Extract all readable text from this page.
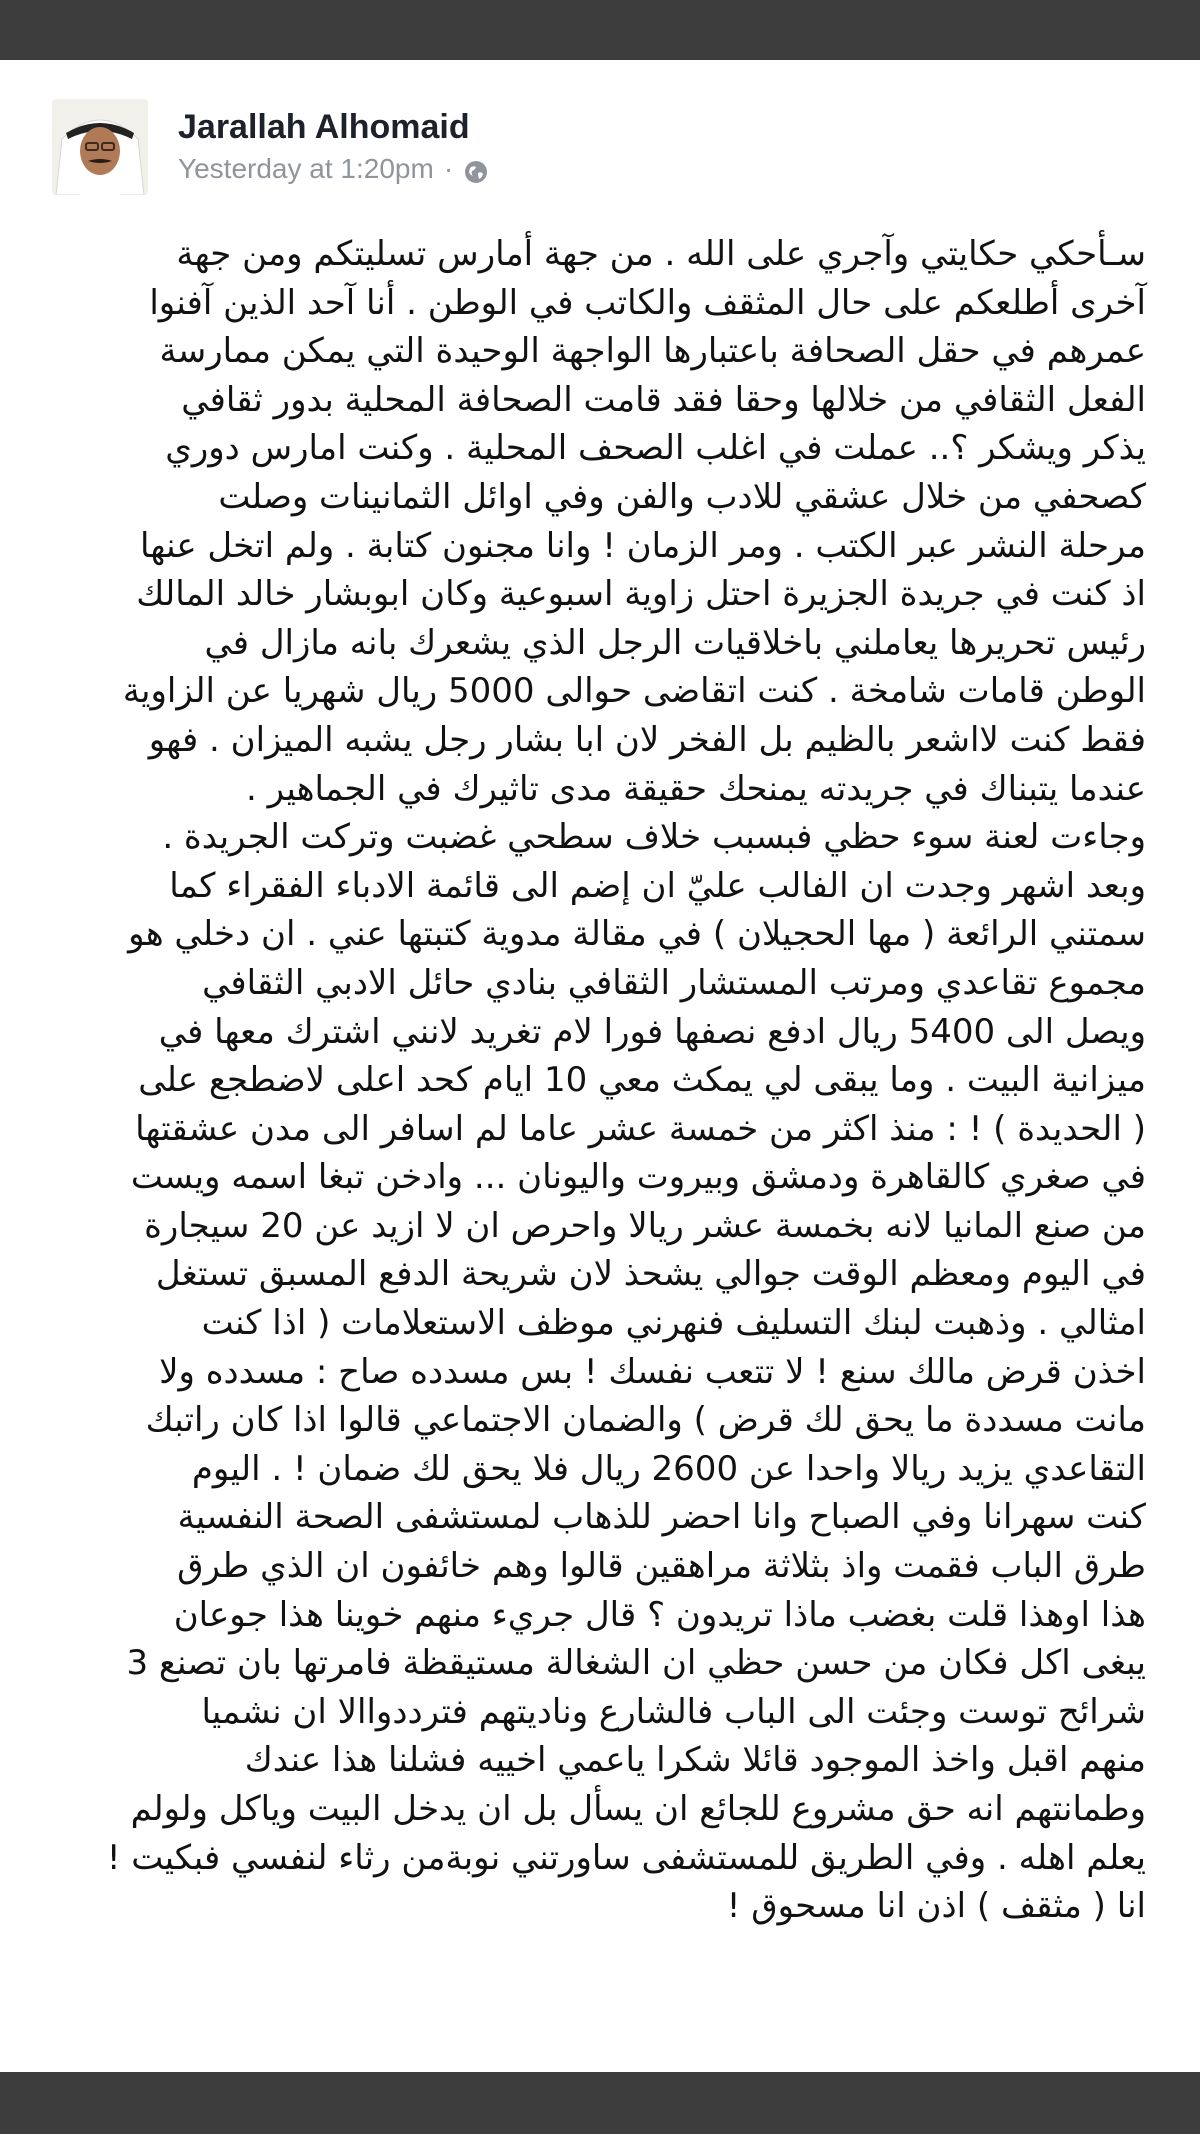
Jarallah Alhomaid
Yesterday at 1:20pm ·
سـأحكي حكايتي وآجري على الله . من جهة أمارس تسليتكم ومن جهة
آخرى أطلعكم على حال المثقف والكاتب في الوطن . أنا آحد الذين آفنوا
عمرهم في حقل الصحافة باعتبارها الواجهة الوحيدة التي يمكن ممارسة
الفعل الثقافي من خلالها وحقا فقد قامت الصحافة المحلية بدور ثقافي
يذكر ويشكر ؟.. عملت في اغلب الصحف المحلية . وكنت امارس دوري
كصحفي من خلال عشقي للادب والفن وفي اوائل الثمانينات وصلت
مرحلة النشر عبر الكتب . ومر الزمان ! وانا مجنون كتابة . ولم اتخل عنها
اذ كنت في جريدة الجزيرة احتل زاوية اسبوعية وكان ابوبشار خالد المالك
رئيس تحريرها يعاملني باخلاقيات الرجل الذي يشعرك بانه مازال في
الوطن قامات شامخة . كنت اتقاضى حوالى 5000 ريال شهريا عن الزاوية
فقط كنت لااشعر بالظيم بل الفخر لان ابا بشار رجل يشبه الميزان . فهو
عندما يتبناك في جريدته يمنحك حقيقة مدى تاثيرك في الجماهير .
وجاءت لعنة سوء حظي فبسبب خلاف سطحي غضبت وتركت الجريدة .
وبعد اشهر وجدت ان الفالب عليّ ان إضم الى قائمة الادباء الفقراء كما
سمتني الرائعة ( مها الحجيلان ) في مقالة مدوية كتبتها عني . ان دخلي هو
مجموع تقاعدي ومرتب المستشار الثقافي بنادي حائل الادبي الثقافي
ويصل الى 5400 ريال ادفع نصفها فورا لام تغريد لانني اشترك معها في
ميزانية البيت . وما يبقى لي يمكث معي 10 ايام كحد اعلى لاضطجع على
( الحديدة ) ! : منذ اكثر من خمسة عشر عاما لم اسافر الى مدن عشقتها
في صغري كالقاهرة ودمشق وبيروت واليونان ... وادخن تبغا اسمه ويست
من صنع المانيا لانه بخمسة عشر ريالا واحرص ان لا ازيد عن 20 سيجارة
في اليوم ومعظم الوقت جوالي يشحذ لان شريحة الدفع المسبق تستغل
امثالي . وذهبت لبنك التسليف فنهرني موظف الاستعلامات ( اذا كنت
اخذن قرض مالك سنع ! لا تتعب نفسك ! بس مسدده صاح : مسدده ولا
مانت مسددة ما يحق لك قرض ) والضمان الاجتماعي قالوا اذا كان راتبك
التقاعدي يزيد ريالا واحدا عن 2600 ريال فلا يحق لك ضمان ! . اليوم
كنت سهرانا وفي الصباح وانا احضر للذهاب لمستشفى الصحة النفسية
طرق الباب فقمت واذ بثلاثة مراهقين قالوا وهم خائفون ان الذي طرق
هذا اوهذا قلت بغضب ماذا تريدون ؟ قال جريء منهم خوينا هذا جوعان
يبغى اكل فكان من حسن حظي ان الشغالة مستيقظة فامرتها بان تصنع 3
شرائح توست وجئت الى الباب فالشارع وناديتهم فترددواالا ان نشميا
منهم اقبل واخذ الموجود قائلا شكرا ياعمي اخييه فشلنا هذا عندك
وطمانتهم انه حق مشروع للجائع ان يسأل بل ان يدخل البيت وياكل ولولم
يعلم اهله . وفي الطريق للمستشفى ساورتني نوبةمن رثاء لنفسي فبكيت !
انا ( مثقف ) اذن انا مسحوق !
